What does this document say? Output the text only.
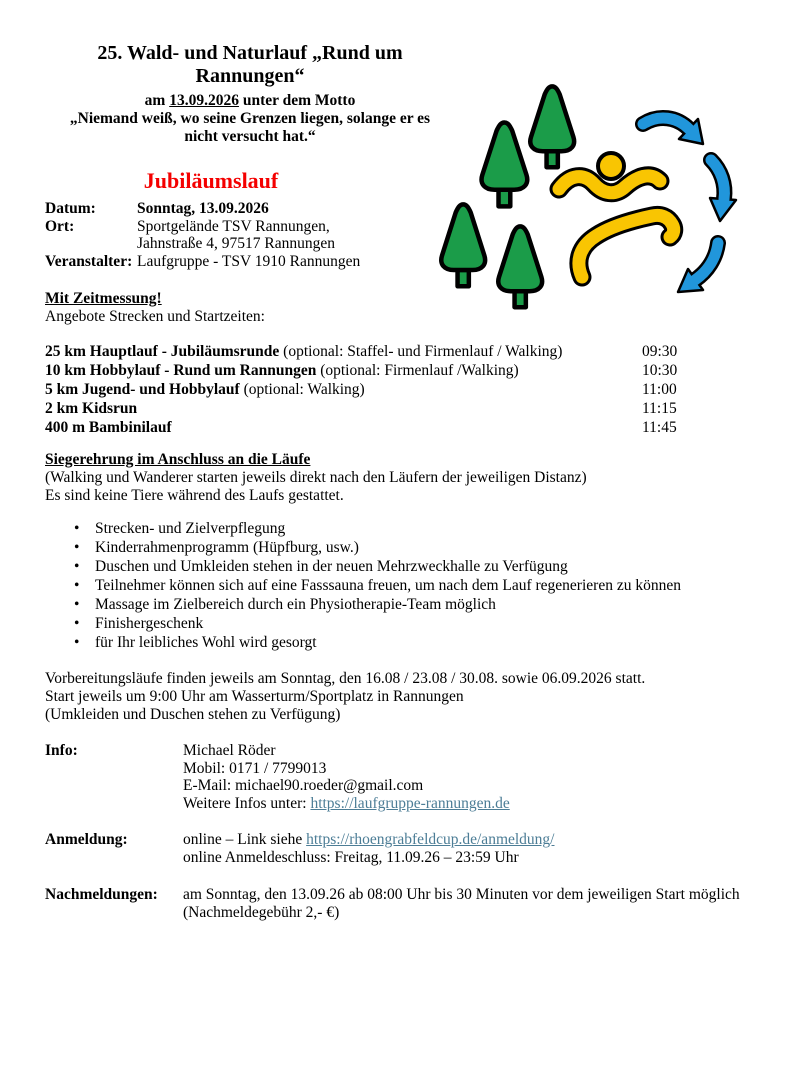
25. Wald- und Naturlauf „Rund um
Rannungen“
am 13.09.2026 unter dem Motto
„Niemand weiß, wo seine Grenzen liegen, solange er es
nicht versucht hat.“
Jubiläumslauf
Datum:	Sonntag, 13.09.2026
Ort:	Sportgelände TSV Rannungen,
Jahnstraße 4, 97517 Rannungen
Veranstalter: Laufgruppe - TSV 1910 Rannungen
Mit Zeitmessung!
Angebote Strecken und Startzeiten:
25 km Hauptlauf - Jubiläumsrunde (optional: Staffel- und Firmenlauf / Walking)	09:30
10 km Hobbylauf - Rund um Rannungen (optional: Firmenlauf /Walking)	10:30
5 km Jugend- und Hobbylauf (optional: Walking)	11:00
2 km Kidsrun	11:15
400 m Bambinilauf	11:45
Siegerehrung im Anschluss an die Läufe
(Walking und Wanderer starten jeweils direkt nach den Läufern der jeweiligen Distanz)
Es sind keine Tiere während des Laufs gestattet.
• Strecken- und Zielverpflegung
• Kinderrahmenprogramm (Hüpfburg, usw.)
• Duschen und Umkleiden stehen in der neuen Mehrzweckhalle zu Verfügung
• Teilnehmer können sich auf eine Fasssauna freuen, um nach dem Lauf regenerieren zu können
• Massage im Zielbereich durch ein Physiotherapie-Team möglich
• Finishergeschenk
• für Ihr leibliches Wohl wird gesorgt
Vorbereitungsläufe finden jeweils am Sonntag, den 16.08 / 23.08 / 30.08. sowie 06.09.2026 statt.
Start jeweils um 9:00 Uhr am Wasserturm/Sportplatz in Rannungen
(Umkleiden und Duschen stehen zu Verfügung)
Info:	Michael Röder
Mobil: 0171 / 7799013
E-Mail: michael90.roeder@gmail.com
Weitere Infos unter: https://laufgruppe-rannungen.de
Anmeldung:	online – Link siehe https://rhoengrabfeldcup.de/anmeldung/
online Anmeldeschluss: Freitag, 11.09.26 – 23:59 Uhr
Nachmeldungen:	am Sonntag, den 13.09.26 ab 08:00 Uhr bis 30 Minuten vor dem jeweiligen Start möglich
(Nachmeldegebühr 2,- €)
